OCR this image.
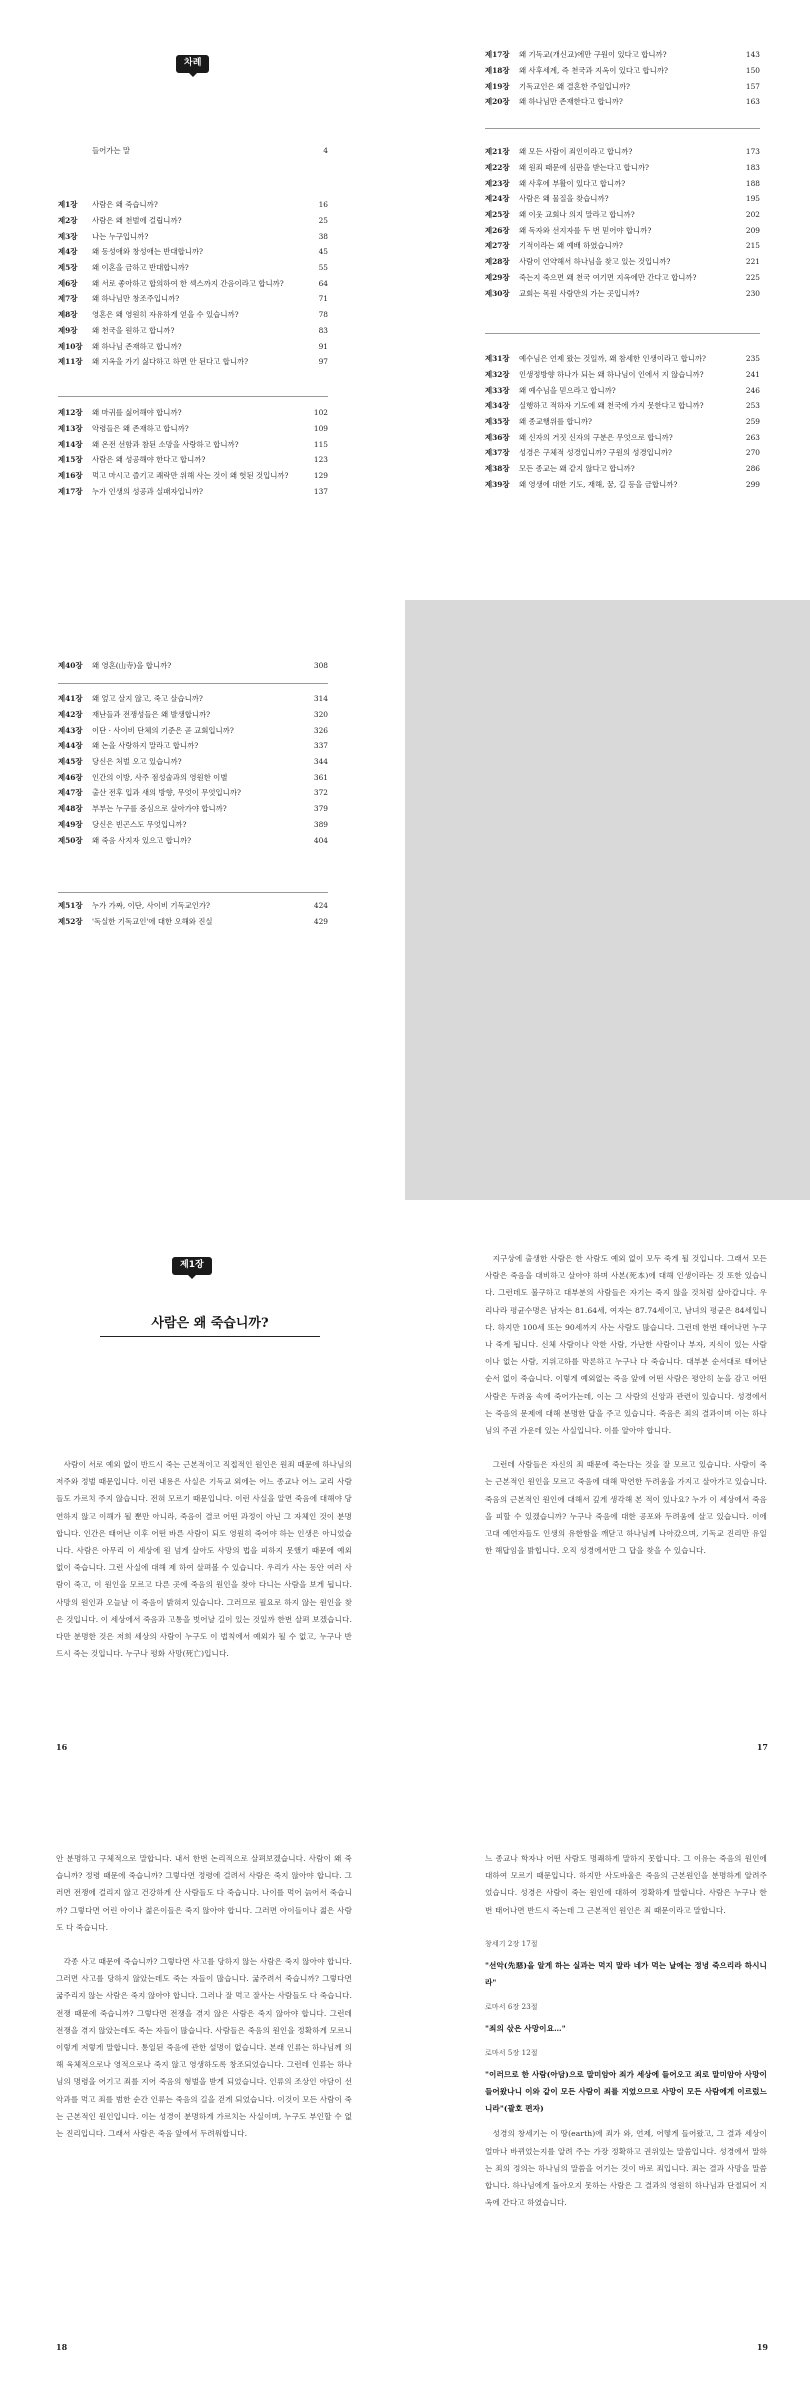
차례
들어가는 말	4
제1장	사람은 왜 죽습니까?	16
제2장	사람은 왜 천벌에 걸립니까?	25
제3장	나는 누구입니까?	38
제4장	왜 동성애와 창성애는 반대합니까?	45
제5장	왜 이혼을 금하고 반대합니까?	55
제6장	왜 서로 좋아하고 합의하여 한 섹스까지 간음이라고 합니까?	64
제7장	왜 하나님만 창조주입니까?	71
제8장	영혼은 왜 영원히 자유하게 얻을 수 있습니까?	78
제9장	왜 천국을 원하고 합니까?	83
제10장	왜 하나님 존재하고 합니까?	91
제11장	왜 지옥을 가기 싫다하고 하면 안 된다고 합니까?	97
제12장	왜 마귀를 싫어해야 합니까?	102
제13장	악령들은 왜 존재하고 합니까?	109
제14장	왜 온전 선함과 참된 소망을 사랑하고 합니까?	115
제15장	사람은 왜 성공해야 한다고 합니까?	123
제16장	먹고 마시고 즐기고 쾌락만 위해 사는 것이 왜 헛된 것입니까?	129
제17장	누가 인생의 성공과 실패자입니까?	137
제17장	왜 기독교(개신교)에만 구원이 있다고 합니까?	143
제18장	왜 사후세계, 즉 천국과 지옥이 있다고 합니까?	150
제19장	기독교인은 왜 결혼한 주일입니까?	157
제20장	왜 하나님만 존재한다고 합니까?	163
제21장	왜 모든 사람이 죄인이라고 합니까?	173
제22장	왜 원죄 때문에 심판을 받는다고 합니까?	183
제23장	왜 사후에 부활이 있다고 합니까?	188
제24장	사람은 왜 물질을 찾습니까?	195
제25장	왜 이웃 교회나 의지 말라고 합니까?	202
제26장	왜 독자와 선지자를 두 번 믿어야 합니까?	209
제27장	기적이라는 왜 예배 하였습니까?	215
제28장	사람이 언약해서 하나님을 찾고 있는 것입니까?	221
제29장	죽는지 죽으면 왜 천국 여기면 지옥에만 간다고 합니까?	225
제30장	교회는 목원 사람만의 가는 곳입니까?	230
제31장	예수님은 언제 왔는 것일까, 왜 참세한 인생이라고 합니까?	235
제32장	인생정방향 하나가 되는 왜 하나님이 인에서 지 않습니까?	241
제33장	왜 예수님을 믿으라고 합니까?	246
제34장	실행하고 적하자 기도에 왜 천국에 가지 못한다고 합니까?	253
제35장	왜 종교행위를 합니까?	259
제36장	왜 신자의 거짓 신자의 구분은 무엇으로 합니까?	263
제37장	성경은 구체적 성경입니까? 구원의 성경입니까?	270
제38장	모든 종교는 왜 같지 않다고 합니까?	286
제39장	왜 영생에 대한 기도, 재해, 꿈, 길 등을 금합니까?	299
제40장	왜 영혼(山寺)을 합니까?	308
제41장	왜 엎고 살지 않고, 죽고 살습니까?	314
제42장	재난들과 전쟁성들은 왜 발생합니까?	320
제43장	이단 · 사이비 단체의 기준은 곧 교회입니까?	326
제44장	왜 논을 사랑하지 말라고 합니까?	337
제45장	당신은 처벌 오고 있습니까?	344
제46장	인간의 이방, 사주 점성술과의 영원한 이별	361
제47장	출산 전후 입과 새의 방향, 무엇이 무엇입니까?	372
제48장	부부는 누구를 중심으로 살아가야 합니까?	379
제49장	당신은 빈곤스도 무엇입니까?	389
제50장	왜 죽음 사지자 있으고 합니까?	404
제51장	누가 가짜, 이단, 사이비 기독교인가?	424
제52장	'독실한 기독교인'에 대한 오해와 진실	429
제1장
사람은 왜 죽습니까?

사람이 서로 예외 없이 반드시 죽는 근본적이고 직접적인 원인은 원죄 때문에 하나님의 저주와 정벌 때문입니다. 이런 내용은 사실은 기독교 외에는 어느 종교나 어느 교리 사람들도 가르치 주지 않습니다. 전혀 모르기 때문입니다. 이런 사실을 알면 죽음에 대해야 당연하지 않고 이해가 될 뿐만 아니라, 죽음이 결코 어떤 과정이 아닌 그 자체인 것이 분명합니다. 인간은 태어난 이후 어떤 바른 사람이 되도 영원히 죽어야 하는 인생은 아니었습니다. 사람은 아무리 이 세상에 원 넘게 살아도 사망의 법을 피하지 못했기 때문에 예외 없이 죽습니다. 그런 사실에 대해 제 하여 살펴볼 수 있습니다. 우리가 사는 동안 여러 사람이 죽고, 이 원인을 모르고 다른 곳에 죽음의 원인을 찾아 다니는 사람을 보게 됩니다. 사망의 원인과 오늘날 이 죽음이 밝혀져 있습니다. 그러므로 필요로 하지 않는 원인을 찾은 것입니다. 이 세상에서 죽음과 고통을 벗어날 길이 있는 것일까 한번 살펴 보겠습니다. 다만 분명한 것은 저희 세상의 사람이 누구도 이 법칙에서 예외가 될 수 없고, 누구나 반드시 죽는 것입니다. 누구나 평화 사망(死亡)입니다.

16

지구상에 출생한 사람은 한 사람도 예외 없이 모두 죽게 될 것입니다. 그래서 모든 사람은 죽음을 대비하고 살아야 하며 사본(死本)에 대해 인생이라는 것 또한 있습니다. 그런데도 불구하고 대부분의 사람들은 자기는 죽지 않을 것처럼 살아갑니다. 우리나라 평균수명은 남자는 81.64세, 여자는 87.74세이고, 남녀의 평균은 84세입니다. 하지만 100세 또는 90세까지 사는 사람도 많습니다. 그런데 한번 태어나면 누구나 죽게 됩니다. 신체 사람이나 악한 사람, 가난한 사람이나 부자, 지식이 있는 사람이나 없는 사람, 지위고하를 막론하고 누구나 다 죽습니다. 대부분 순서대로 태어난 순서 없이 죽습니다. 이렇게 예외없는 죽음 앞에 어떤 사람은 평안히 눈을 감고 어떤 사람은 두려움 속에 죽어가는데, 이는 그 사람의 신앙과 관련이 있습니다. 성경에서는 죽음의 문제에 대해 분명한 답을 주고 있습니다. 죽음은 죄의 결과이며 이는 하나님의 주권 가운데 있는 사실입니다. 이를 알아야 합니다.

그런데 사람들은 자신의 죄 때문에 죽는다는 것을 잘 모르고 있습니다. 사람이 죽는 근본적인 원인을 모르고 죽음에 대해 막연한 두려움을 가지고 살아가고 있습니다. 죽음의 근본적인 원인에 대해서 깊게 생각해 본 적이 있나요? 누가 이 세상에서 죽음을 피할 수 있겠습니까? 누구나 죽음에 대한 공포와 두려움에 살고 있습니다. 이에 고대 예언자들도 인생의 유한함을 깨닫고 하나님께 나아갔으며, 기독교 진리만 유일한 해답임을 밝힙니다. 오직 성경에서만 그 답을 찾을 수 있습니다.

17

안 분명하고 구체적으로 말합니다. 내서 한번 논리적으로 살펴보겠습니다. 사람이 왜 죽습니까? 정령 때문에 죽습니까? 그렇다면 정령에 걸려서 사람은 죽지 않아야 합니다. 그러면 전쟁에 걸리지 않고 건강하게 산 사람들도 다 죽습니다. 나이를 먹어 늙어서 죽습니까? 그렇다면 어린 아이나 젊은이들은 죽지 않아야 합니다. 그러면 아이들이나 젊은 사람도 다 죽습니다.

각종 사고 때문에 죽습니까? 그렇다면 사고를 당하지 않는 사람은 죽지 않아야 합니다. 그러면 사고를 당하지 않았는데도 죽는 자들이 많습니다. 굶주려서 죽습니까? 그렇다면 굶주리지 않는 사람은 죽지 않아야 합니다. 그러나 잘 먹고 잘사는 사람들도 다 죽습니다. 전쟁 때문에 죽습니까? 그렇다면 전쟁을 겪지 않은 사람은 죽지 않아야 합니다. 그런데 전쟁을 겪지 않았는데도 죽는 자들이 많습니다. 사람들은 죽음의 원인을 정확하게 모르니 이렇게 저렇게 말합니다. 통일된 죽음에 관한 설명이 없습니다. 본래 인류는 하나님께 의해 육체적으로나 영적으로나 죽지 않고 영생하도록 창조되었습니다. 그런데 인류는 하나님의 명령을 어기고 죄를 지어 죽음의 형벌을 받게 되었습니다. 인류의 조상인 아담이 선악과를 먹고 죄를 범한 순간 인류는 죽음의 길을 걷게 되었습니다. 이것이 모든 사람이 죽는 근본적인 원인입니다. 이는 성경이 분명하게 가르치는 사실이며, 누구도 부인할 수 없는 진리입니다. 그래서 사람은 죽음 앞에서 두려워합니다.

18

느 종교나 학자나 어떤 사람도 명쾌하게 말하지 못합니다. 그 이유는 죽음의 원인에 대하여 모르기 때문입니다. 하지만 사도바울은 죽음의 근본원인을 분명하게 알려주었습니다. 성경은 사람이 죽는 원인에 대하여 정확하게 말합니다. 사람은 누구나 한번 태어나면 반드시 죽는데 그 근본적인 원인은 죄 때문이라고 말합니다.

창세기 2장 17절
"선악(先惡)을 알게 하는 실과는 먹지 말라 네가 먹는 날에는 정녕 죽으리라 하시니라"
로마서 6장 23절
"죄의 삯은 사망이요…"
로마서 5장 12절
"이러므로 한 사람(아담)으로 말미암아 죄가 세상에 들어오고 죄로 말미암아 사망이 들어왔나니 이와 같이 모든 사람이 죄를 지었으므로 사망이 모든 사람에게 이르렀느니라"(괄호 편자)

성경의 창세기는 이 땅(earth)에 죄가 와, 언제, 어떻게 들어왔고, 그 결과 세상이 얼마나 바뀌었는지를 알려 주는 가장 정확하고 권위있는 말씀입니다. 성경에서 말하는 죄의 정의는 하나님의 말씀을 어기는 것이 바로 죄입니다. 죄는 결과 사망을 말씀합니다. 하나님에게 돌아오지 못하는 사람은 그 결과의 영원히 하나님과 단절되어 지옥에 간다고 하였습니다.

19
